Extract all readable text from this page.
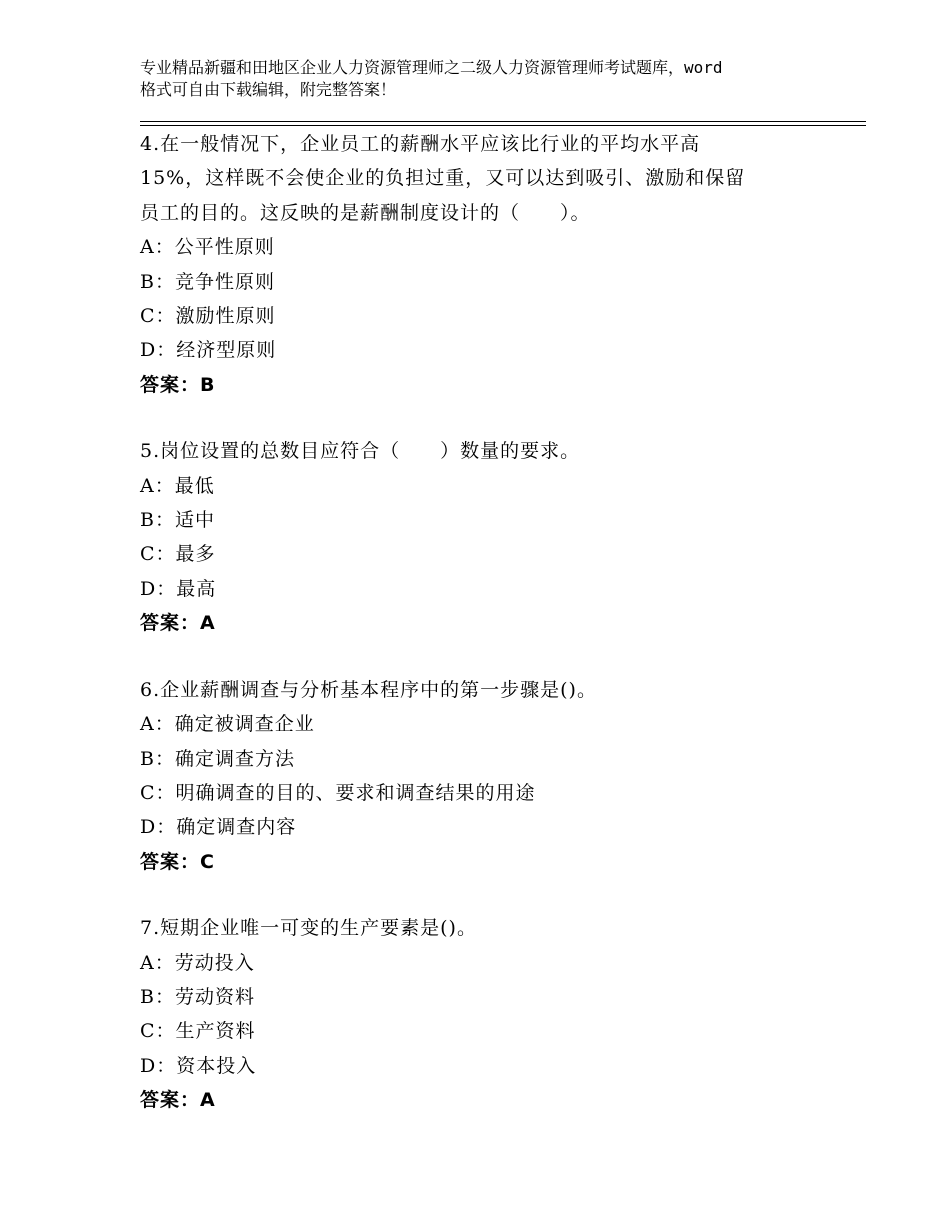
专业精品新疆和田地区企业人力资源管理师之二级人力资源管理师考试题库，word
格式可自由下载编辑，附完整答案！
4.在一般情况下，企业员工的薪酬水平应该比行业的平均水平高
15%，这样既不会使企业的负担过重，又可以达到吸引、激励和保留
员工的目的。这反映的是薪酬制度设计的（　　）。
A：公平性原则
B：竞争性原则
C：激励性原则
D：经济型原则
答案：B
5.岗位设置的总数目应符合（　　）数量的要求。
A：最低
B：适中
C：最多
D：最高
答案：A
6.企业薪酬调查与分析基本程序中的第一步骤是()。
A：确定被调查企业
B：确定调查方法
C：明确调查的目的、要求和调查结果的用途
D：确定调查内容
答案：C
7.短期企业唯一可变的生产要素是()。
A：劳动投入
B：劳动资料
C：生产资料
D：资本投入
答案：A
